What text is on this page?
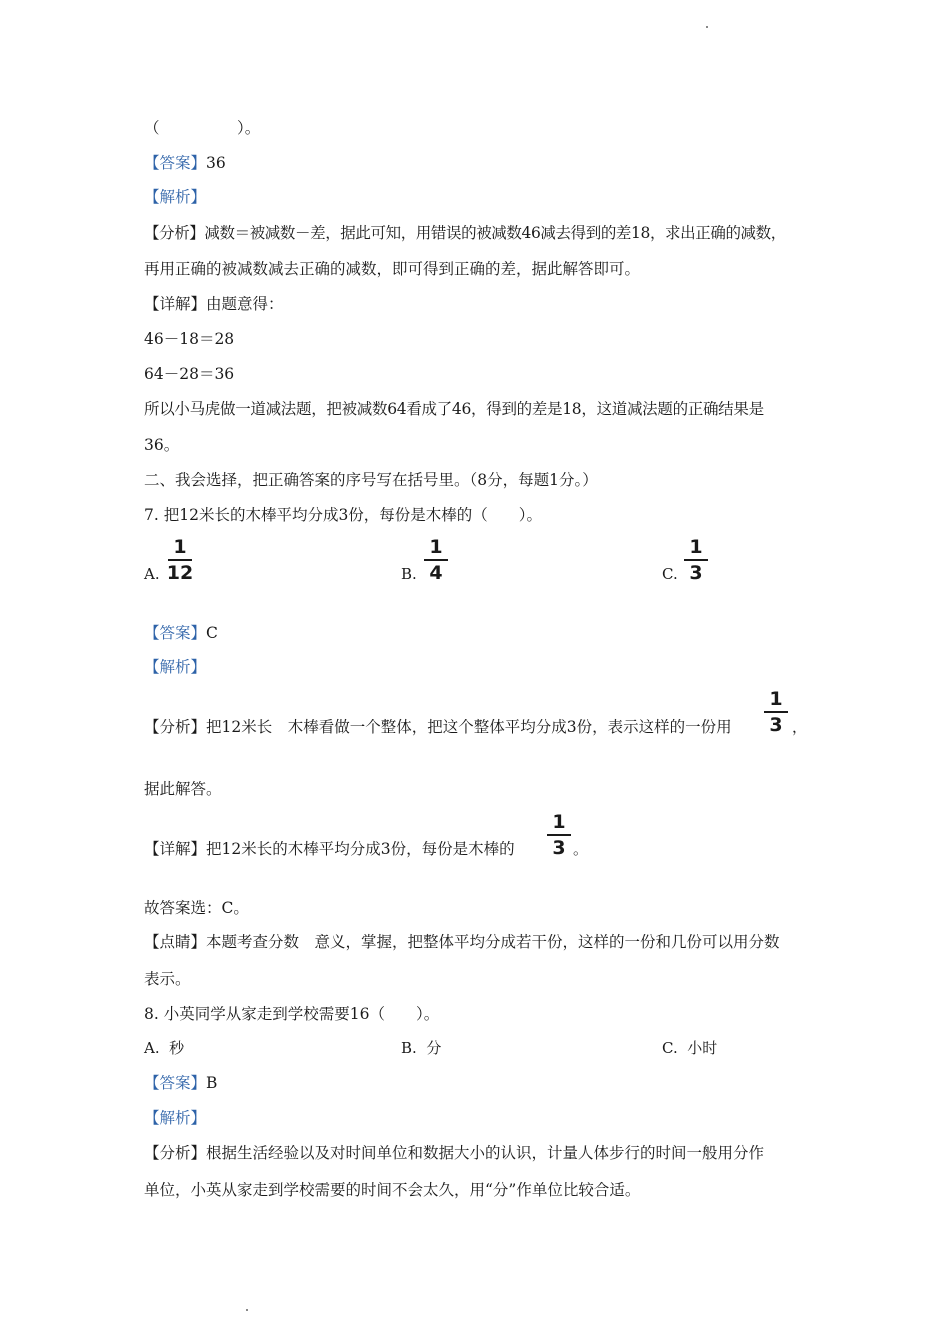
（　　　　　）。
【答案】36
【解析】
【分析】减数＝被减数－差，据此可知，用错误的被减数46减去得到的差18，求出正确的减数，
再用正确的被减数减去正确的减数，即可得到正确的差，据此解答即可。
【详解】由题意得：
46－18＝28
64－28＝36
所以小马虎做一道减法题，把被减数64看成了46，得到的差是18，这道减法题的正确结果是
36。
二、我会选择，把正确答案的序号写在括号里。（8分，每题1分。）
7. 把12米长的木棒平均分成3份，每份是木棒的（　　）。
A.
1
12	B.
1
4	C.
1
3
【答案】C
【解析】
【分析】把12米长　木棒看做一个整体，把这个整体平均分成3份，表示这样的一份用
1
3 ，
据此解答。
【详解】把12米长的木棒平均分成3份，每份是木棒的
1
3 。
故答案选：C。
【点睛】本题考查分数　意义，掌握，把整体平均分成若干份，这样的一份和几份可以用分数
表示。
8. 小英同学从家走到学校需要16（　　）。
A. 秒	B. 分	C. 小时
【答案】B
【解析】
【分析】根据生活经验以及对时间单位和数据大小的认识，计量人体步行的时间一般用分作
单位，小英从家走到学校需要的时间不会太久，用“分”作单位比较合适。
